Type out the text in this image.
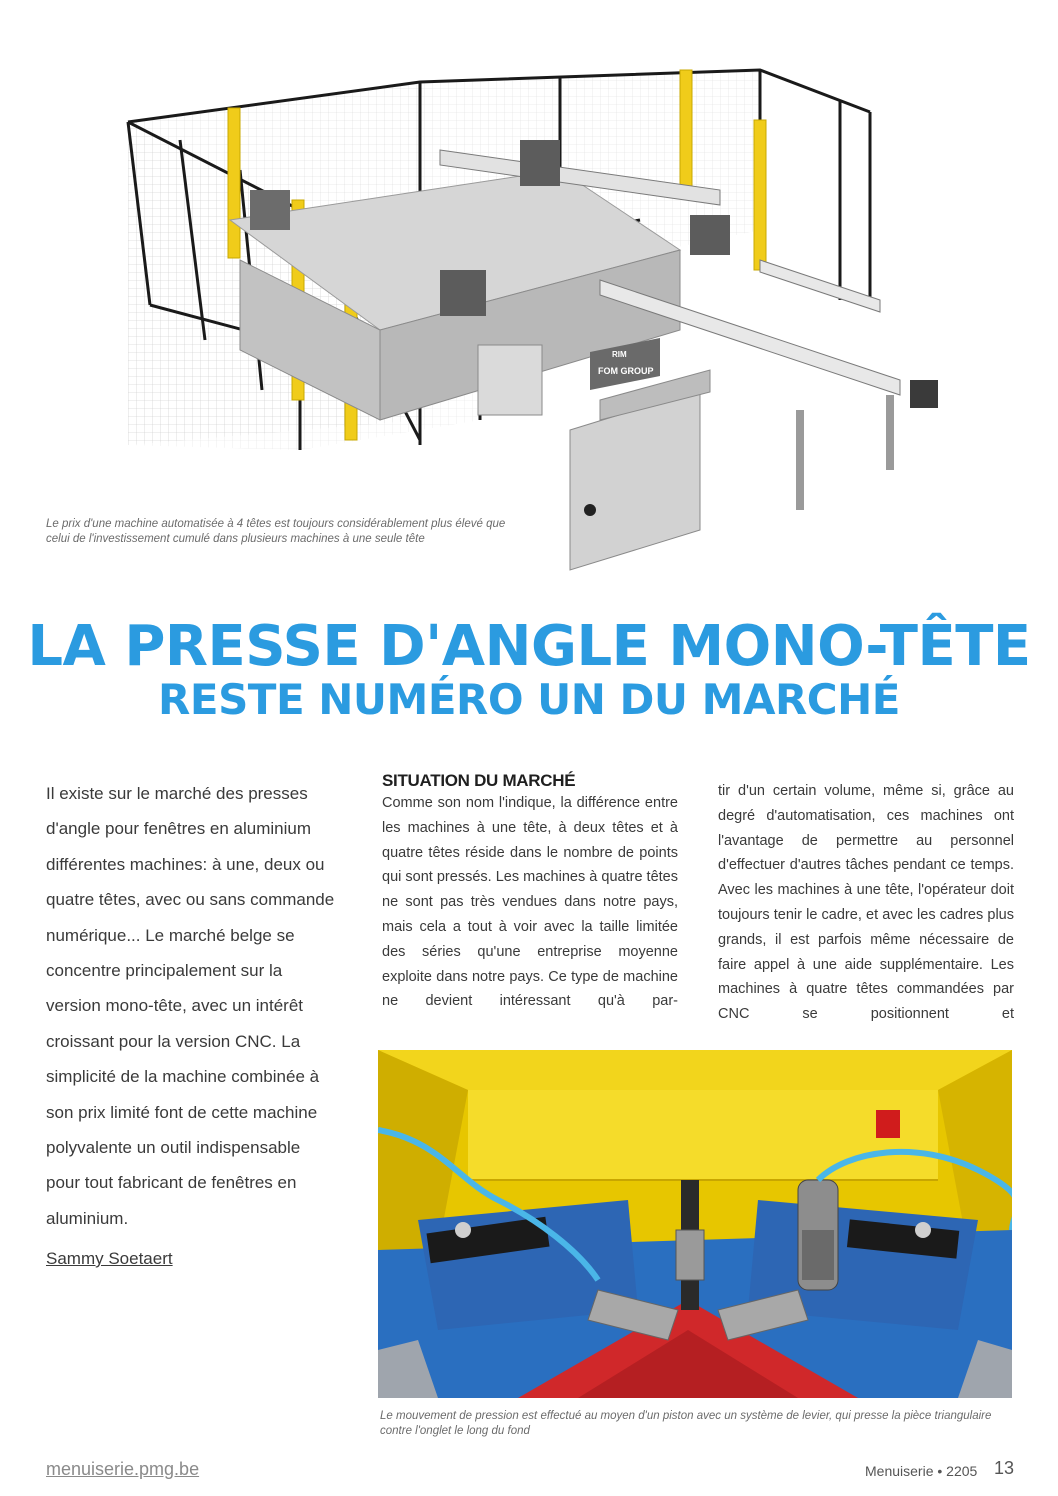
RIM
FOM GROUP
Le prix d'une machine automatisée à 4 têtes est toujours considérablement plus élevé que celui de l'investissement cumulé dans plusieurs machines à une seule tête
LA PRESSE D'ANGLE MONO-TÊTE
RESTE NUMÉRO UN DU MARCHÉ

Il existe sur le marché des presses d'angle pour fenêtres en aluminium différentes machines: à une, deux ou quatre têtes, avec ou sans commande numérique... Le marché belge se concentre principalement sur la version mono-tête, avec un intérêt croissant pour la version CNC. La simplicité de la machine combinée à son prix limité font de cette machine polyvalente un outil indispensable pour tout fabricant de fenêtres en aluminium.

Sammy Soetaert
SITUATION DU MARCHÉ

Comme son nom l'indique, la différence entre les machines à une tête, à deux têtes et à quatre têtes réside dans le nombre de points qui sont pressés. Les machines à quatre têtes ne sont pas très vendues dans notre pays, mais cela a tout à voir avec la taille limitée des séries qu'une entreprise moyenne exploite dans notre pays. Ce type de machine ne devient intéressant qu'à par-

tir d'un certain volume, même si, grâce au degré d'automatisation, ces machines ont l'avantage de permettre au personnel d'effectuer d'autres tâches pendant ce temps. Avec les machines à une tête, l'opérateur doit toujours tenir le cadre, et avec les cadres plus grands, il est parfois même nécessaire de faire appel à une aide supplémentaire. Les machines à quatre têtes commandées par CNC se positionnent et

Le mouvement de pression est effectué au moyen d'un piston avec un système de levier, qui presse la pièce triangulaire contre l'onglet le long du fond
menuiserie.pmg.be	Menuiserie • 2205 13
